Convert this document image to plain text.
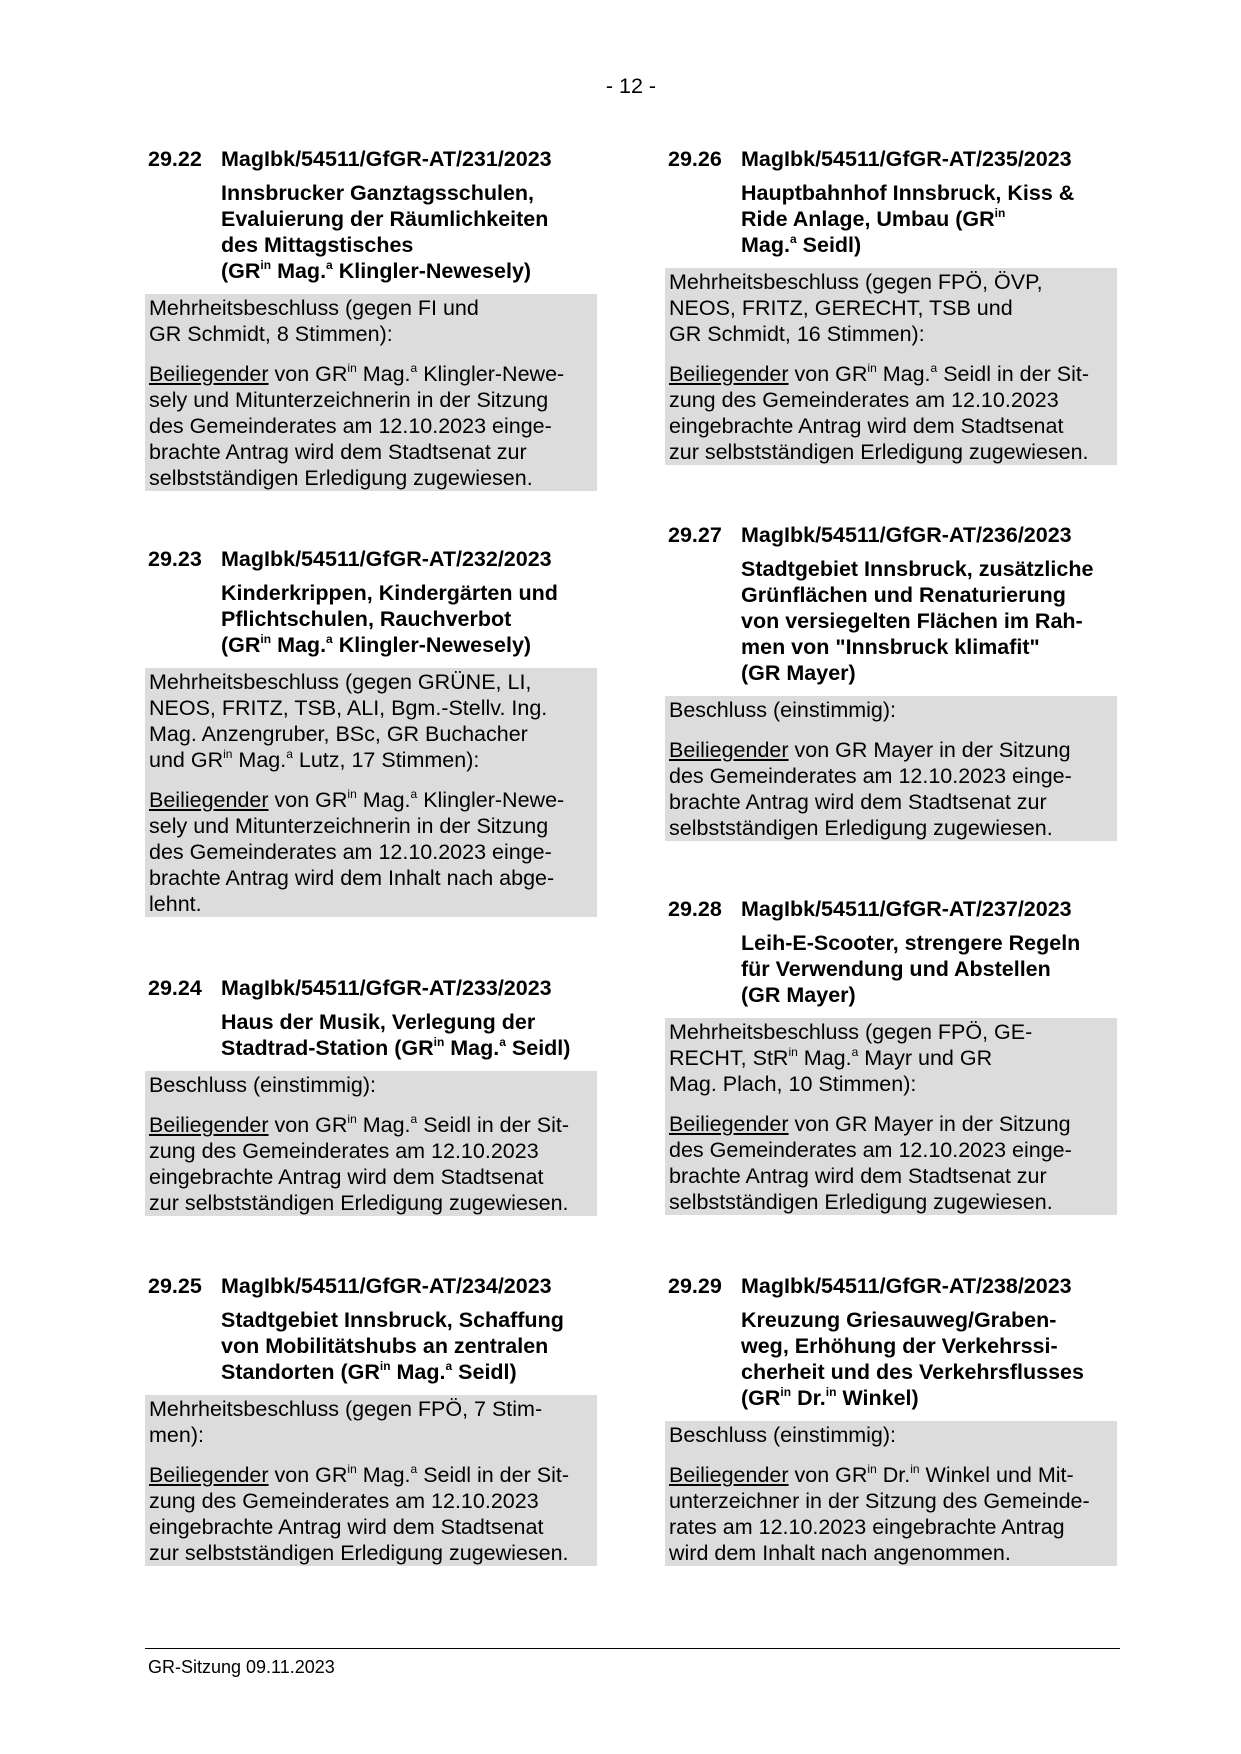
- 12 -
29.22 MagIbk/54511/GfGR-AT/231/2023
Innsbrucker Ganztagsschulen,
Evaluierung der Räumlichkeiten
des Mittagstisches
($GR^{in}$ Mag.$^a$ Klingler-Newesely)
Mehrheitsbeschluss (gegen FI und
GR Schmidt, 8 Stimmen):
Beiliegender von $GR^{in}$ Mag.$^a$ Klingler-Newe-
sely und Mitunterzeichnerin in der Sitzung
des Gemeinderates am 12.10.2023 einge-
brachte Antrag wird dem Stadtsenat zur
selbstständigen Erledigung zugewiesen.
29.23 MagIbk/54511/GfGR-AT/232/2023
Kinderkrippen, Kindergärten und
Pflichtschulen, Rauchverbot
($GR^{in}$ Mag.$^a$ Klingler-Newesely)
Mehrheitsbeschluss (gegen GRÜNE, LI,
NEOS, FRITZ, TSB, ALI, Bgm.-Stellv. Ing.
Mag. Anzengruber, BSc, GR Buchacher
und $GR^{in}$ Mag.$^a$ Lutz, 17 Stimmen):
Beiliegender von $GR^{in}$ Mag.$^a$ Klingler-Newe-
sely und Mitunterzeichnerin in der Sitzung
des Gemeinderates am 12.10.2023 einge-
brachte Antrag wird dem Inhalt nach abge-
lehnt.
29.24 MagIbk/54511/GfGR-AT/233/2023
Haus der Musik, Verlegung der
Stadtrad-Station ($GR^{in}$ Mag.$^a$ Seidl)
Beschluss (einstimmig):
Beiliegender von $GR^{in}$ Mag.$^a$ Seidl in der Sit-
zung des Gemeinderates am 12.10.2023
eingebrachte Antrag wird dem Stadtsenat
zur selbstständigen Erledigung zugewiesen.
29.25 MagIbk/54511/GfGR-AT/234/2023
Stadtgebiet Innsbruck, Schaffung
von Mobilitätshubs an zentralen
Standorten ($GR^{in}$ Mag.$^a$ Seidl)
Mehrheitsbeschluss (gegen FPÖ, 7 Stim-
men):
Beiliegender von $GR^{in}$ Mag.$^a$ Seidl in der Sit-
zung des Gemeinderates am 12.10.2023
eingebrachte Antrag wird dem Stadtsenat
zur selbstständigen Erledigung zugewiesen.
29.26 MagIbk/54511/GfGR-AT/235/2023
Hauptbahnhof Innsbruck, Kiss &
Ride Anlage, Umbau ($GR^{in}$
Mag.$^a$ Seidl)
Mehrheitsbeschluss (gegen FPÖ, ÖVP,
NEOS, FRITZ, GERECHT, TSB und
GR Schmidt, 16 Stimmen):
Beiliegender von $GR^{in}$ Mag.$^a$ Seidl in der Sit-
zung des Gemeinderates am 12.10.2023
eingebrachte Antrag wird dem Stadtsenat
zur selbstständigen Erledigung zugewiesen.
29.27 MagIbk/54511/GfGR-AT/236/2023
Stadtgebiet Innsbruck, zusätzliche
Grünflächen und Renaturierung
von versiegelten Flächen im Rah-
men von "Innsbruck klimafit"
(GR Mayer)
Beschluss (einstimmig):
Beiliegender von GR Mayer in der Sitzung
des Gemeinderates am 12.10.2023 einge-
brachte Antrag wird dem Stadtsenat zur
selbstständigen Erledigung zugewiesen.
29.28 MagIbk/54511/GfGR-AT/237/2023
Leih-E-Scooter, strengere Regeln
für Verwendung und Abstellen
(GR Mayer)
Mehrheitsbeschluss (gegen FPÖ, GE-
RECHT, StR$^{in}$ Mag.$^a$ Mayr und GR
Mag. Plach, 10 Stimmen):
Beiliegender von GR Mayer in der Sitzung
des Gemeinderates am 12.10.2023 einge-
brachte Antrag wird dem Stadtsenat zur
selbstständigen Erledigung zugewiesen.
29.29 MagIbk/54511/GfGR-AT/238/2023
Kreuzung Griesauweg/Graben-
weg, Erhöhung der Verkehrssi-
cherheit und des Verkehrsflusses
($GR^{in}$ Dr.$^{in}$ Winkel)
Beschluss (einstimmig):
Beiliegender von $GR^{in}$ Dr.$^{in}$ Winkel und Mit-
unterzeichner in der Sitzung des Gemeinde-
rates am 12.10.2023 eingebrachte Antrag
wird dem Inhalt nach angenommen.
GR-Sitzung 09.11.2023
